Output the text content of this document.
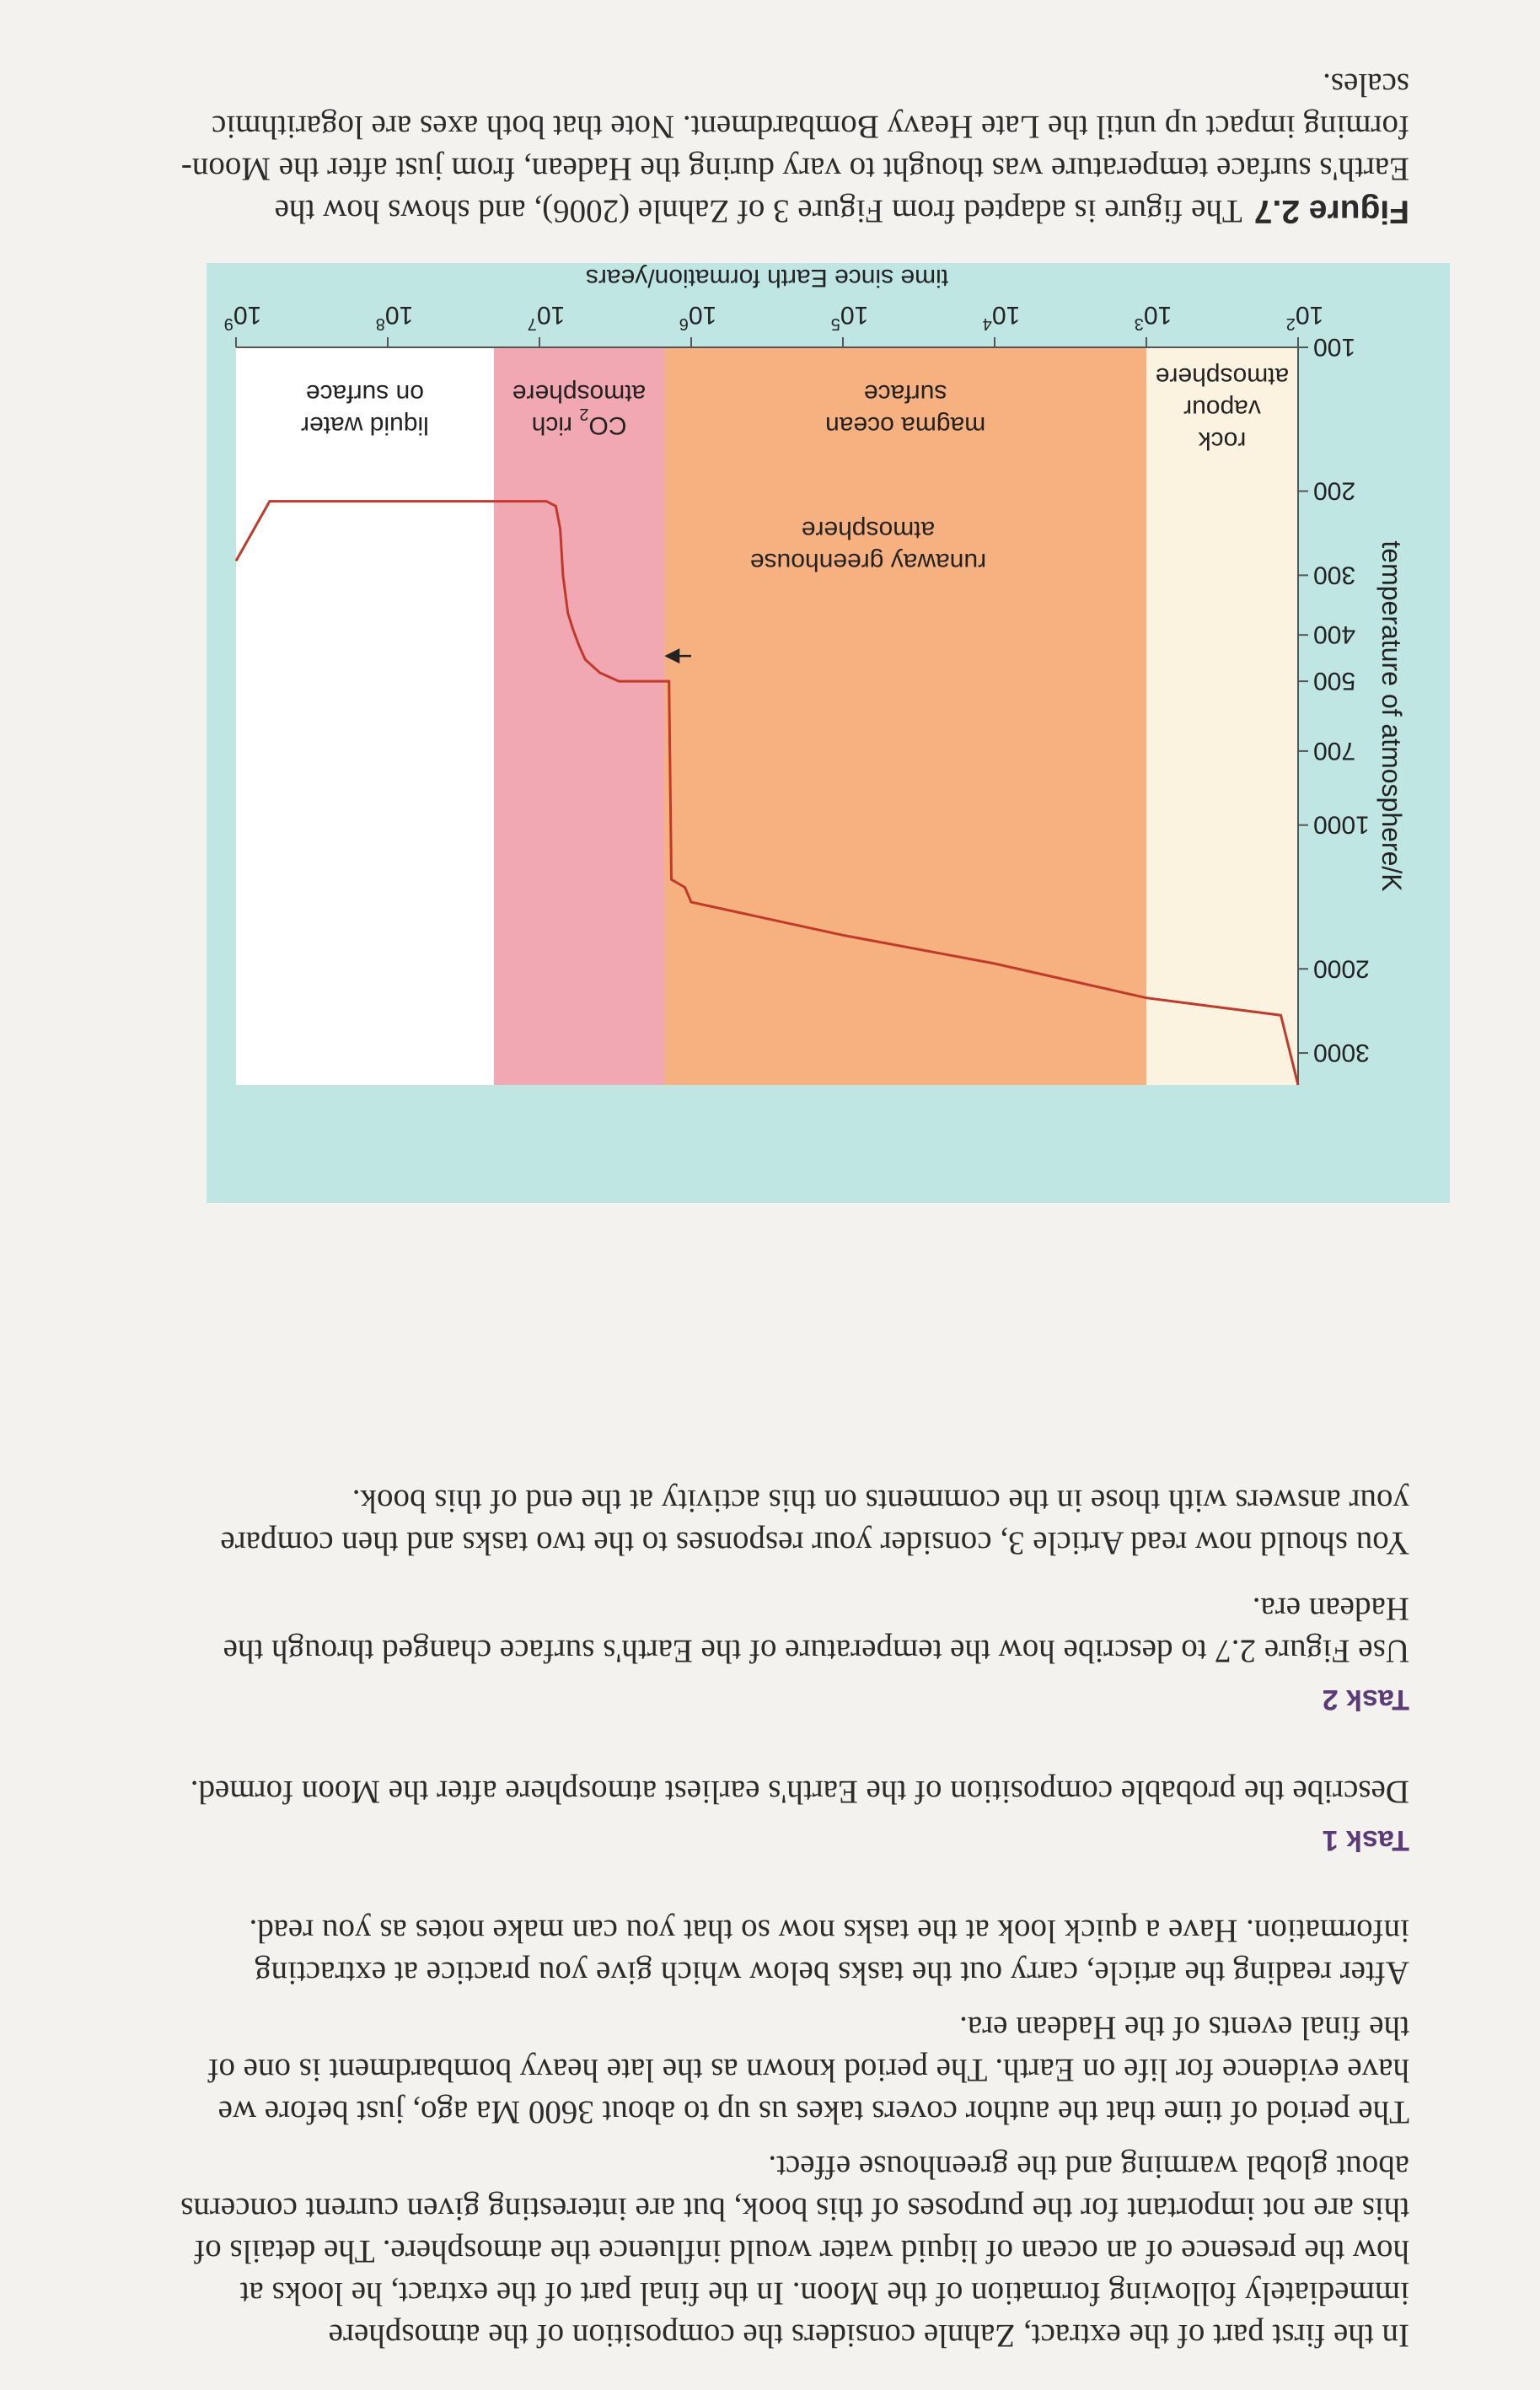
In the first part of the extract, Zahnle considers the composition of the atmosphere immediately following formation of the Moon. In the final part of the extract, he looks at how the presence of an ocean of liquid water would influence the atmosphere. The details of this are not important for the purposes of this book, but are interesting given current concerns about global warming and the greenhouse effect.

The period of time that the author covers takes us up to about 3600 Ma ago, just before we have evidence for life on Earth. The period known as the late heavy bombardment is one of the final events of the Hadean era.

After reading the article, carry out the tasks below which give you practice at extracting information. Have a quick look at the tasks now so that you can make notes as you read.

Task 1

Describe the probable composition of the Earth's earliest atmosphere after the Moon formed.

Task 2

Use Figure 2.7 to describe how the temperature of the Earth's surface changed through the Hadean era.

You should now read Article 3, consider your responses to the two tasks and then compare your answers with those in the comments on this activity at the end of this book.

100
200
300
400
500
700
1000
2000
3000
$10^2$
$10^3$
$10^4$
$10^5$
$10^6$
$10^7$
$10^8$
$10^9$
time since Earth formation/years
temperature of atmosphere/K
rock
vapour
atmosphere
magma ocean
surface
$CO_2$ rich
atmosphere
liquid water
on surface
runaway greenhouse
atmosphere

Figure 2.7The figure is adapted from Figure 3 of Zahnle (2006), and shows how the Earth's surface temperature was thought to vary during the Hadean, from just after the Moon-forming impact up until the Late Heavy Bombardment. Note that both axes are logarithmic scales.
